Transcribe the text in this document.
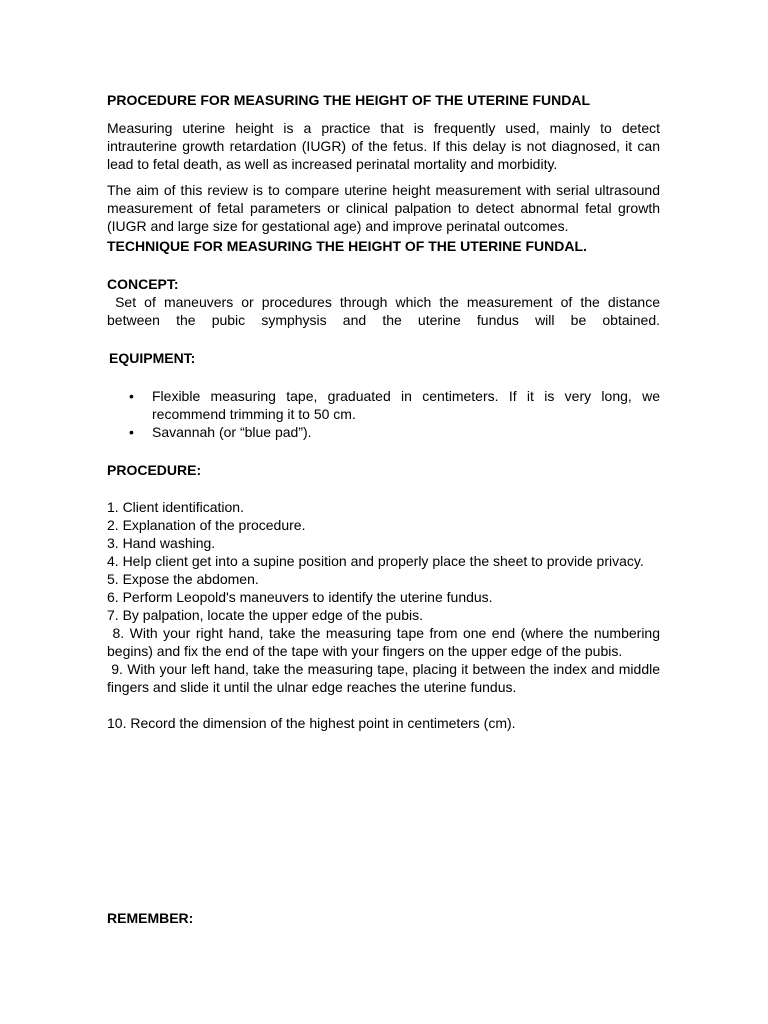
PROCEDURE FOR MEASURING THE HEIGHT OF THE UTERINE FUNDAL

Measuring uterine height is a practice that is frequently used, mainly to detect intrauterine growth retardation (IUGR) of the fetus. If this delay is not diagnosed, it can lead to fetal death, as well as increased perinatal mortality and morbidity.

The aim of this review is to compare uterine height measurement with serial ultrasound measurement of fetal parameters or clinical palpation to detect abnormal fetal growth (IUGR and large size for gestational age) and improve perinatal outcomes.

TECHNIQUE FOR MEASURING THE HEIGHT OF THE UTERINE FUNDAL.

CONCEPT:

Set of maneuvers or procedures through which the measurement of the distance between the pubic symphysis and the uterine fundus will be obtained.

EQUIPMENT:

• Flexible measuring tape, graduated in centimeters. If it is very long, we recommend trimming it to 50 cm.
• Savannah (or “blue pad”).

PROCEDURE:

1. Client identification.
2. Explanation of the procedure.
3. Hand washing.
4. Help client get into a supine position and properly place the sheet to provide privacy.
5. Expose the abdomen.
6. Perform Leopold's maneuvers to identify the uterine fundus.
7. By palpation, locate the upper edge of the pubis.
8. With your right hand, take the measuring tape from one end (where the numbering begins) and fix the end of the tape with your fingers on the upper edge of the pubis.
9. With your left hand, take the measuring tape, placing it between the index and middle fingers and slide it until the ulnar edge reaches the uterine fundus.
10. Record the dimension of the highest point in centimeters (cm).

REMEMBER:
